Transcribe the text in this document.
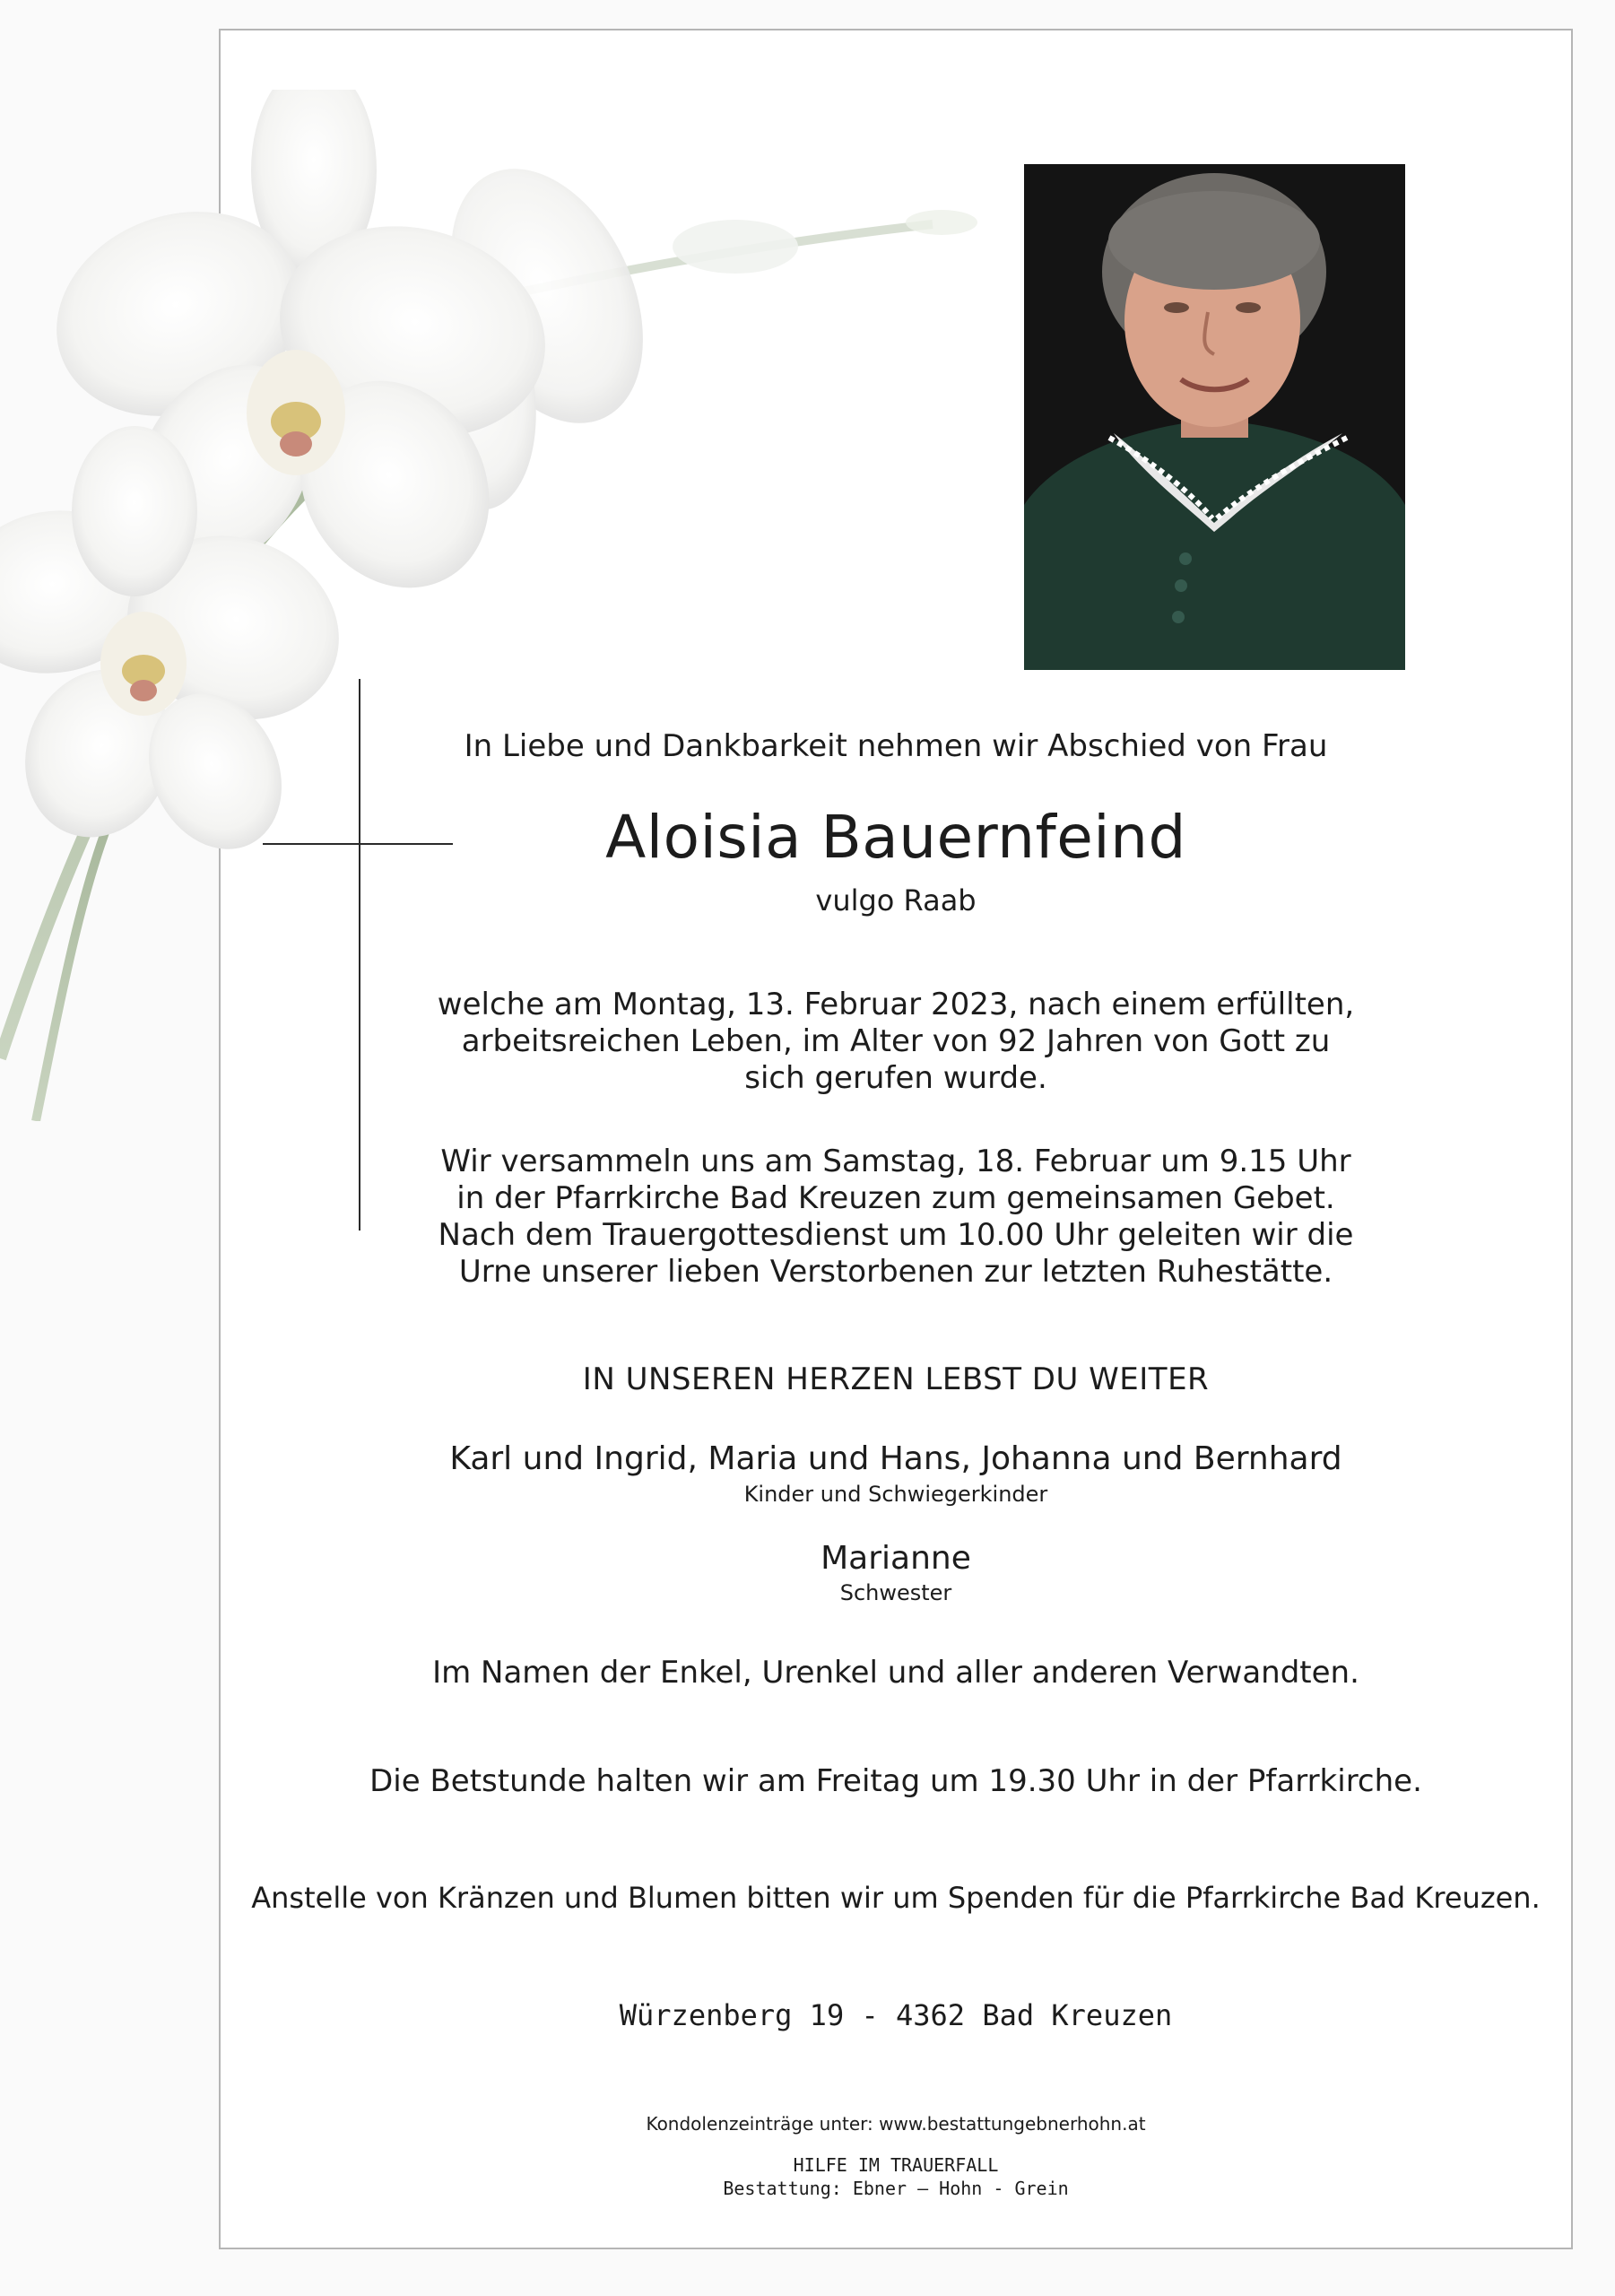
In Liebe und Dankbarkeit nehmen wir Abschied von Frau
Aloisia Bauernfeind
vulgo Raab
welche am Montag, 13. Februar 2023, nach einem erfüllten,
arbeitsreichen Leben, im Alter von 92 Jahren von Gott zu
sich gerufen wurde.
Wir versammeln uns am Samstag, 18. Februar um 9.15 Uhr
in der Pfarrkirche Bad Kreuzen zum gemeinsamen Gebet.
Nach dem Trauergottesdienst um 10.00 Uhr geleiten wir die
Urne unserer lieben Verstorbenen zur letzten Ruhestätte.
IN UNSEREN HERZEN LEBST DU WEITER
Karl und Ingrid, Maria und Hans, Johanna und Bernhard
Kinder und Schwiegerkinder
Marianne
Schwester
Im Namen der Enkel, Urenkel und aller anderen Verwandten.
Die Betstunde halten wir am Freitag um 19.30 Uhr in der Pfarrkirche.
Anstelle von Kränzen und Blumen bitten wir um Spenden für die Pfarrkirche Bad Kreuzen.
Würzenberg 19 - 4362 Bad Kreuzen
Kondolenzeinträge unter: www.bestattungebnerhohn.at
HILFE IM TRAUERFALL
Bestattung: Ebner – Hohn - Grein
